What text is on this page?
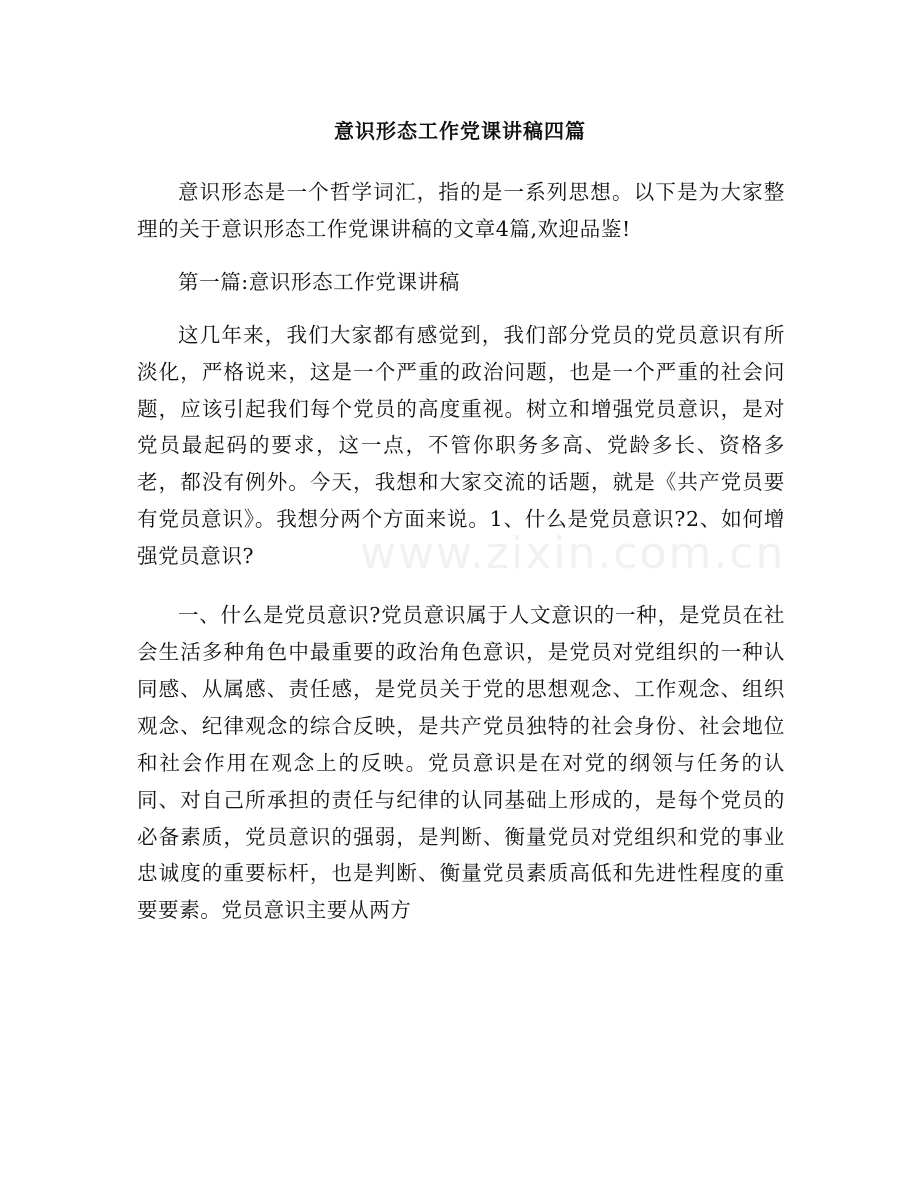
意识形态工作党课讲稿四篇

意识形态是一个哲学词汇，指的是一系列思想。以下是为大家整理的关于意识形态工作党课讲稿的文章4篇,欢迎品鉴!

第一篇:意识形态工作党课讲稿

这几年来，我们大家都有感觉到，我们部分党员的党员意识有所淡化，严格说来，这是一个严重的政治问题，也是一个严重的社会问题，应该引起我们每个党员的高度重视。树立和增强党员意识，是对党员最起码的要求，这一点，不管你职务多高、党龄多长、资格多老，都没有例外。今天，我想和大家交流的话题，就是《共产党员要有党员意识》。我想分两个方面来说。1、什么是党员意识?2、如何增强党员意识?

一、什么是党员意识?党员意识属于人文意识的一种，是党员在社会生活多种角色中最重要的政治角色意识，是党员对党组织的一种认同感、从属感、责任感，是党员关于党的思想观念、工作观念、组织观念、纪律观念的综合反映，是共产党员独特的社会身份、社会地位和社会作用在观念上的反映。党员意识是在对党的纲领与任务的认同、对自己所承担的责任与纪律的认同基础上形成的，是每个党员的必备素质，党员意识的强弱，是判断、衡量党员对党组织和党的事业忠诚度的重要标杆，也是判断、衡量党员素质高低和先进性程度的重要要素。党员意识主要从两方

www.zixin.com.cn
